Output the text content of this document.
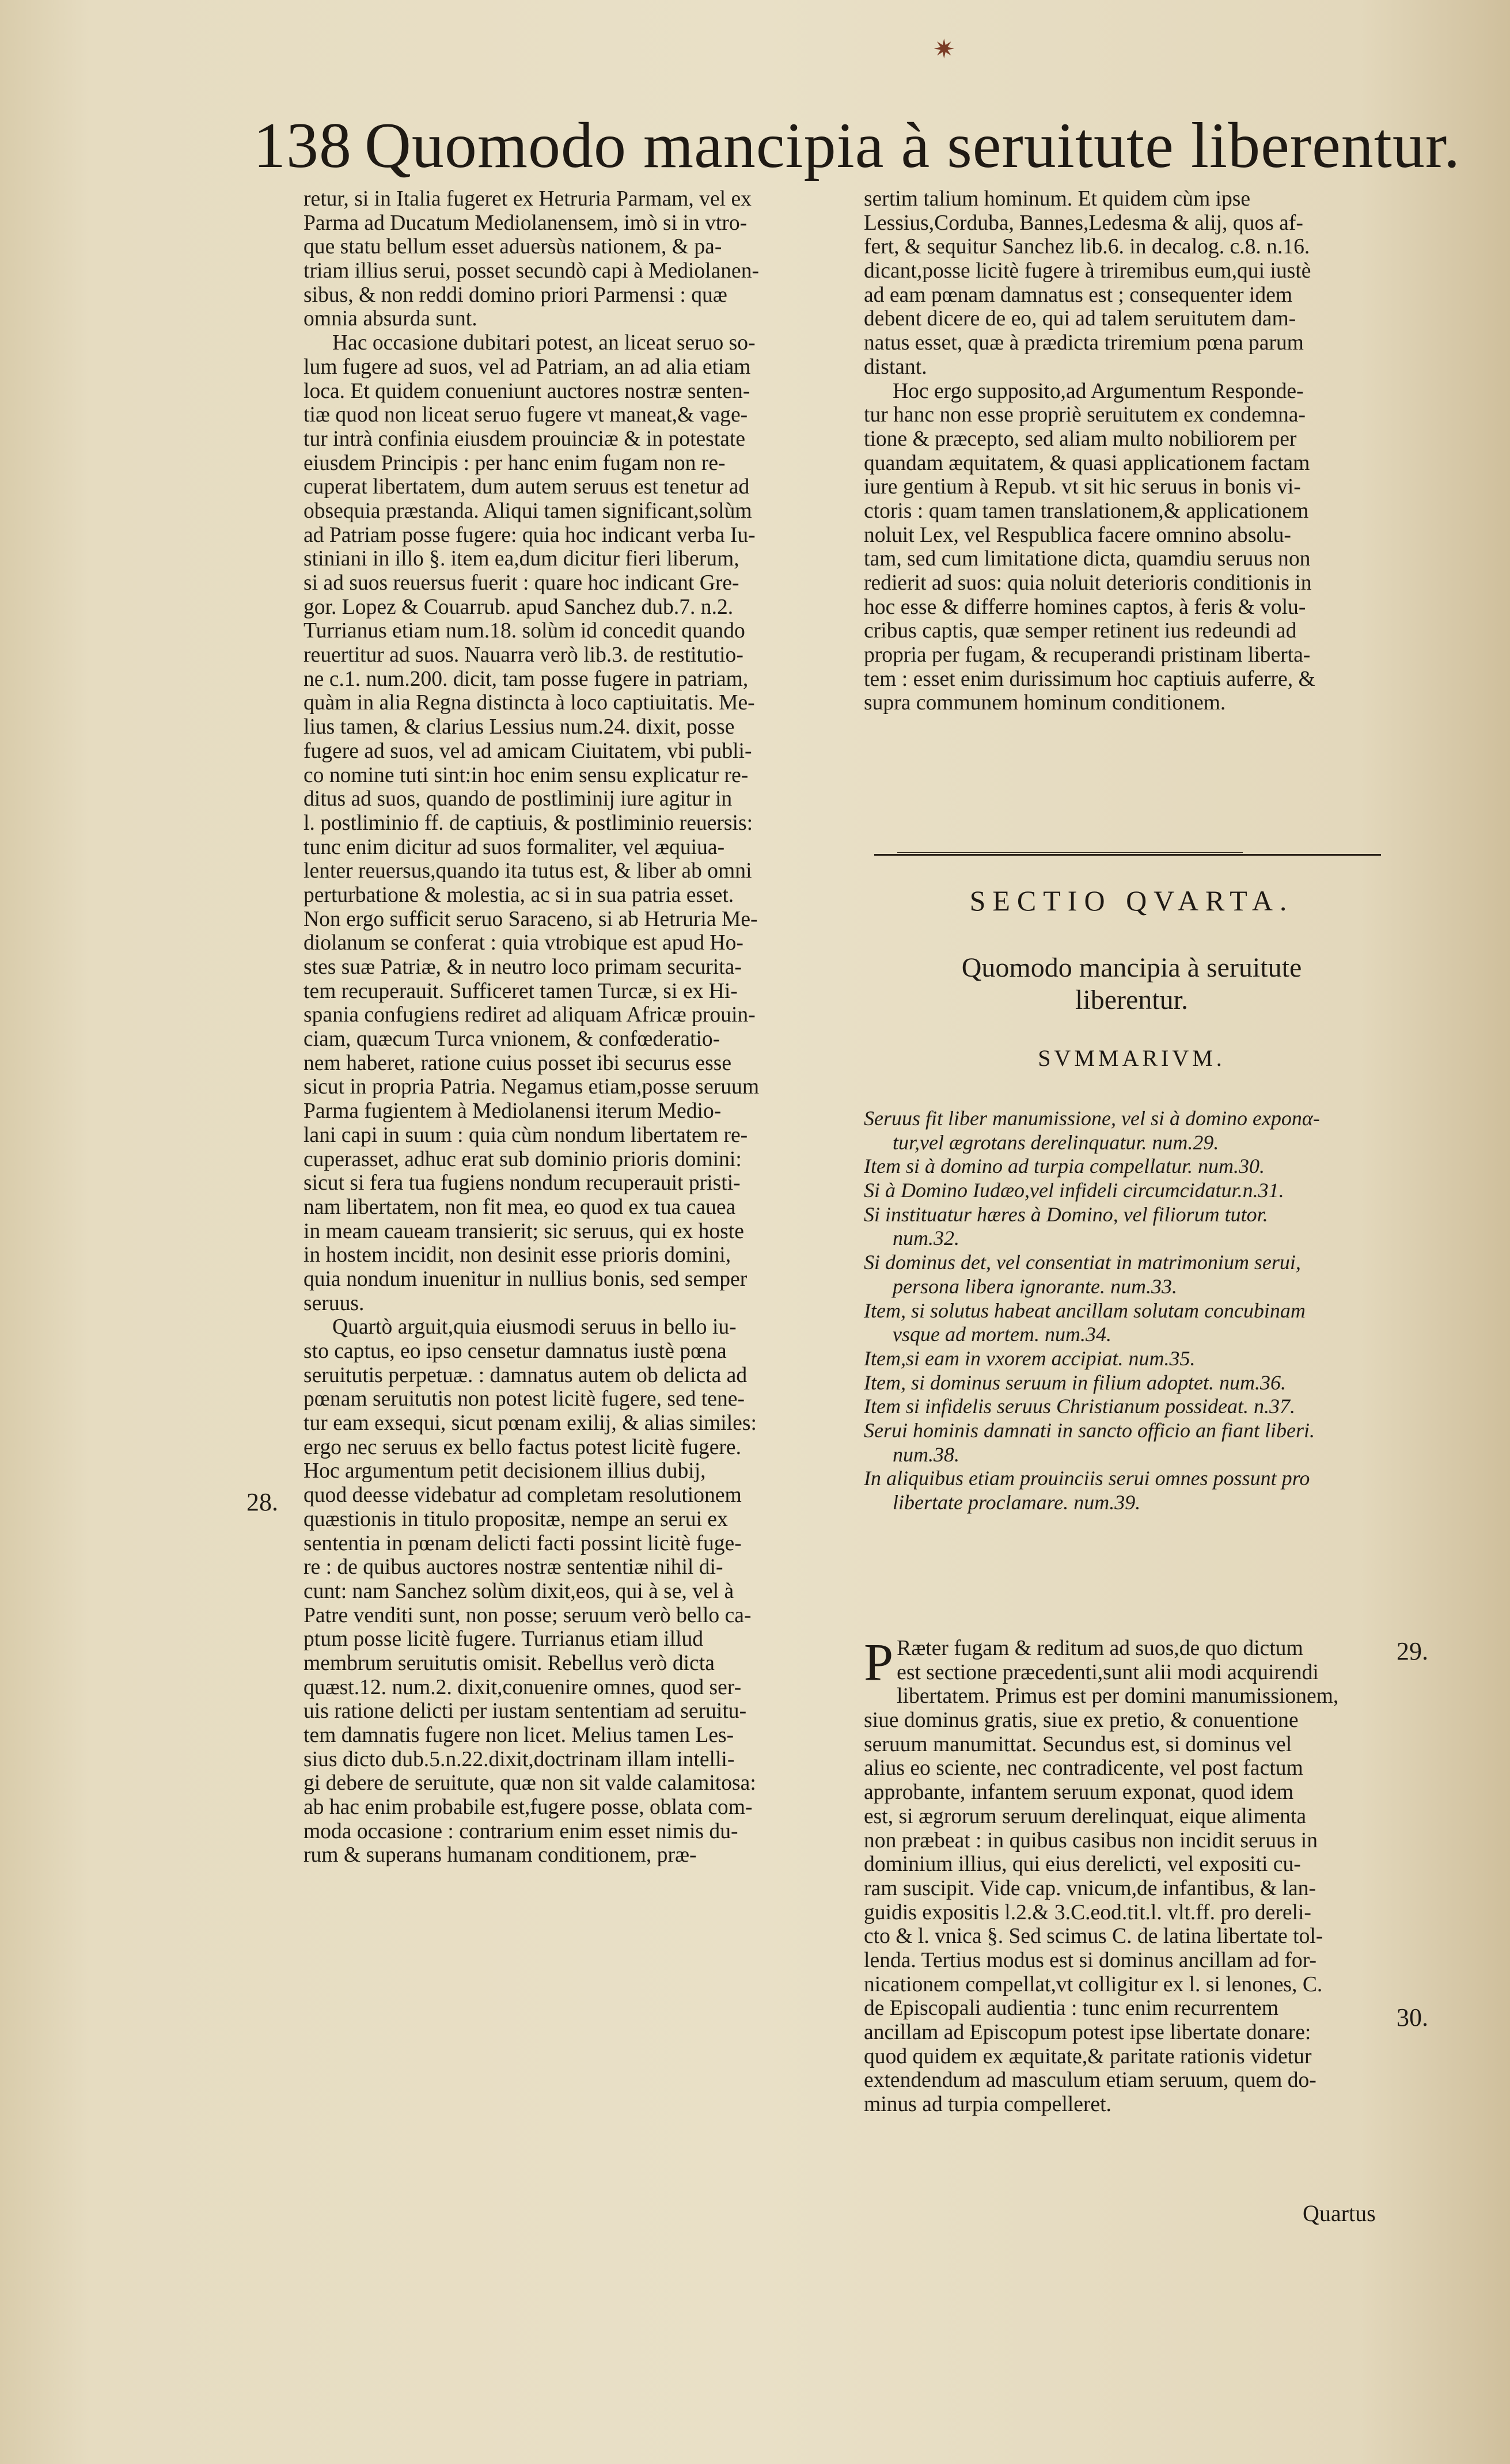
✷
138 Quomodo mancipia à seruitute liberentur.

retur, si in Italia fugeret ex Hetruria Parmam, vel ex

Parma ad Ducatum Mediolanensem, imò si in vtro-

que statu bellum esset aduersùs nationem, & pa-

triam illius serui, posset secundò capi à Mediolanen-

sibus, & non reddi domino priori Parmensi : quæ

omnia absurda sunt.

Hac occasione dubitari potest, an liceat seruo so-

lum fugere ad suos, vel ad Patriam, an ad alia etiam

loca. Et quidem conueniunt auctores nostræ senten-

tiæ quod non liceat seruo fugere vt maneat,& vage-

tur intrà confinia eiusdem prouinciæ & in potestate

eiusdem Principis : per hanc enim fugam non re-

cuperat libertatem, dum autem seruus est tenetur ad

obsequia præstanda. Aliqui tamen significant,solùm

ad Patriam posse fugere: quia hoc indicant verba Iu-

stiniani in illo §. item ea,dum dicitur fieri liberum,

si ad suos reuersus fuerit : quare hoc indicant Gre-

gor. Lopez & Couarrub. apud Sanchez dub.7. n.2.

Turrianus etiam num.18. solùm id concedit quando

reuertitur ad suos. Nauarra verò lib.3. de restitutio-

ne c.1. num.200. dicit, tam posse fugere in patriam,

quàm in alia Regna distincta à loco captiuitatis. Me-

lius tamen, & clarius Lessius num.24. dixit, posse

fugere ad suos, vel ad amicam Ciuitatem, vbi publi-

co nomine tuti sint:in hoc enim sensu explicatur re-

ditus ad suos, quando de postliminij iure agitur in

l. postliminio ff. de captiuis, & postliminio reuersis:

tunc enim dicitur ad suos formaliter, vel æquiua-

lenter reuersus,quando ita tutus est, & liber ab omni

perturbatione & molestia, ac si in sua patria esset.

Non ergo sufficit seruo Saraceno, si ab Hetruria Me-

diolanum se conferat : quia vtrobique est apud Ho-

stes suæ Patriæ, & in neutro loco primam securita-

tem recuperauit. Sufficeret tamen Turcæ, si ex Hi-

spania confugiens rediret ad aliquam Africæ prouin-

ciam, quæcum Turca vnionem, & confœderatio-

nem haberet, ratione cuius posset ibi securus esse

sicut in propria Patria. Negamus etiam,posse seruum

Parma fugientem à Mediolanensi iterum Medio-

lani capi in suum : quia cùm nondum libertatem re-

cuperasset, adhuc erat sub dominio prioris domini:

sicut si fera tua fugiens nondum recuperauit pristi-

nam libertatem, non fit mea, eo quod ex tua cauea

in meam caueam transierit; sic seruus, qui ex hoste

in hostem incidit, non desinit esse prioris domini,

quia nondum inuenitur in nullius bonis, sed semper

seruus.

Quartò arguit,quia eiusmodi seruus in bello iu-

sto captus, eo ipso censetur damnatus iustè pœna

seruitutis perpetuæ. : damnatus autem ob delicta ad

pœnam seruitutis non potest licitè fugere, sed tene-

tur eam exsequi, sicut pœnam exilij, & alias similes:

ergo nec seruus ex bello factus potest licitè fugere.

Hoc argumentum petit decisionem illius dubij,

quod deesse videbatur ad completam resolutionem

quæstionis in titulo propositæ, nempe an serui ex

sententia in pœnam delicti facti possint licitè fuge-

re : de quibus auctores nostræ sententiæ nihil di-

cunt: nam Sanchez solùm dixit,eos, qui à se, vel à

Patre venditi sunt, non posse; seruum verò bello ca-

ptum posse licitè fugere. Turrianus etiam illud

membrum seruitutis omisit. Rebellus verò dicta

quæst.12. num.2. dixit,conuenire omnes, quod ser-

uis ratione delicti per iustam sententiam ad seruitu-

tem damnatis fugere non licet. Melius tamen Les-

sius dicto dub.5.n.22.dixit,doctrinam illam intelli-

gi debere de seruitute, quæ non sit valde calamitosa:

ab hac enim probabile est,fugere posse, oblata com-

moda occasione : contrarium enim esset nimis du-

rum & superans humanam conditionem, præ-

sertim talium hominum. Et quidem cùm ipse

Lessius,Corduba, Bannes,Ledesma & alij, quos af-

fert, & sequitur Sanchez lib.6. in decalog. c.8. n.16.

dicant,posse licitè fugere à triremibus eum,qui iustè

ad eam pœnam damnatus est ; consequenter idem

debent dicere de eo, qui ad talem seruitutem dam-

natus esset, quæ à prædicta triremium pœna parum

distant.

Hoc ergo supposito,ad Argumentum Responde-

tur hanc non esse propriè seruitutem ex condemna-

tione & præcepto, sed aliam multo nobiliorem per

quandam æquitatem, & quasi applicationem factam

iure gentium à Repub. vt sit hic seruus in bonis vi-

ctoris : quam tamen translationem,& applicationem

noluit Lex, vel Respublica facere omnino absolu-

tam, sed cum limitatione dicta, quamdiu seruus non

redierit ad suos: quia noluit deterioris conditionis in

hoc esse & differre homines captos, à feris & volu-

cribus captis, quæ semper retinent ius redeundi ad

propria per fugam, & recuperandi pristinam liberta-

tem : esset enim durissimum hoc captiuis auferre, &

supra communem hominum conditionem.

SECTIO QVARTA.
Quomodo mancipia à seruitute
liberentur.
SVMMARIVM.

Seruus fit liber manumissione, vel si à domino exponα-

tur,vel ægrotans derelinquatur. num.29.

Item si à domino ad turpia compellatur. num.30.

Si à Domino Iudæo,vel infideli circumcidatur.n.31.

Si instituatur hæres à Domino, vel filiorum tutor.

num.32.

Si dominus det, vel consentiat in matrimonium serui,

persona libera ignorante. num.33.

Item, si solutus habeat ancillam solutam concubinam

vsque ad mortem. num.34.

Item,si eam in vxorem accipiat. num.35.

Item, si dominus seruum in filium adoptet. num.36.

Item si infidelis seruus Christianum possideat. n.37.

Serui hominis damnati in sancto officio an fiant liberi.

num.38.

In aliquibus etiam prouinciis serui omnes possunt pro

libertate proclamare. num.39.

P Ræter fugam & reditum ad suos,de quo dictum

est sectione præcedenti,sunt alii modi acquirendi

libertatem. Primus est per domini manumissionem,

siue dominus gratis, siue ex pretio, & conuentione

seruum manumittat. Secundus est, si dominus vel

alius eo sciente, nec contradicente, vel post factum

approbante, infantem seruum exponat, quod idem

est, si ægrorum seruum derelinquat, eique alimenta

non præbeat : in quibus casibus non incidit seruus in

dominium illius, qui eius derelicti, vel expositi cu-

ram suscipit. Vide cap. vnicum,de infantibus, & lan-

guidis expositis l.2.& 3.C.eod.tit.l. vlt.ff. pro dereli-

cto & l. vnica §. Sed scimus C. de latina libertate tol-

lenda. Tertius modus est si dominus ancillam ad for-

nicationem compellat,vt colligitur ex l. si lenones, C.

de Episcopali audientia : tunc enim recurrentem

ancillam ad Episcopum potest ipse libertate donare:

quod quidem ex æquitate,& paritate rationis videtur

extendendum ad masculum etiam seruum, quem do-

minus ad turpia compelleret.

28.
29.
30.
Quartus
